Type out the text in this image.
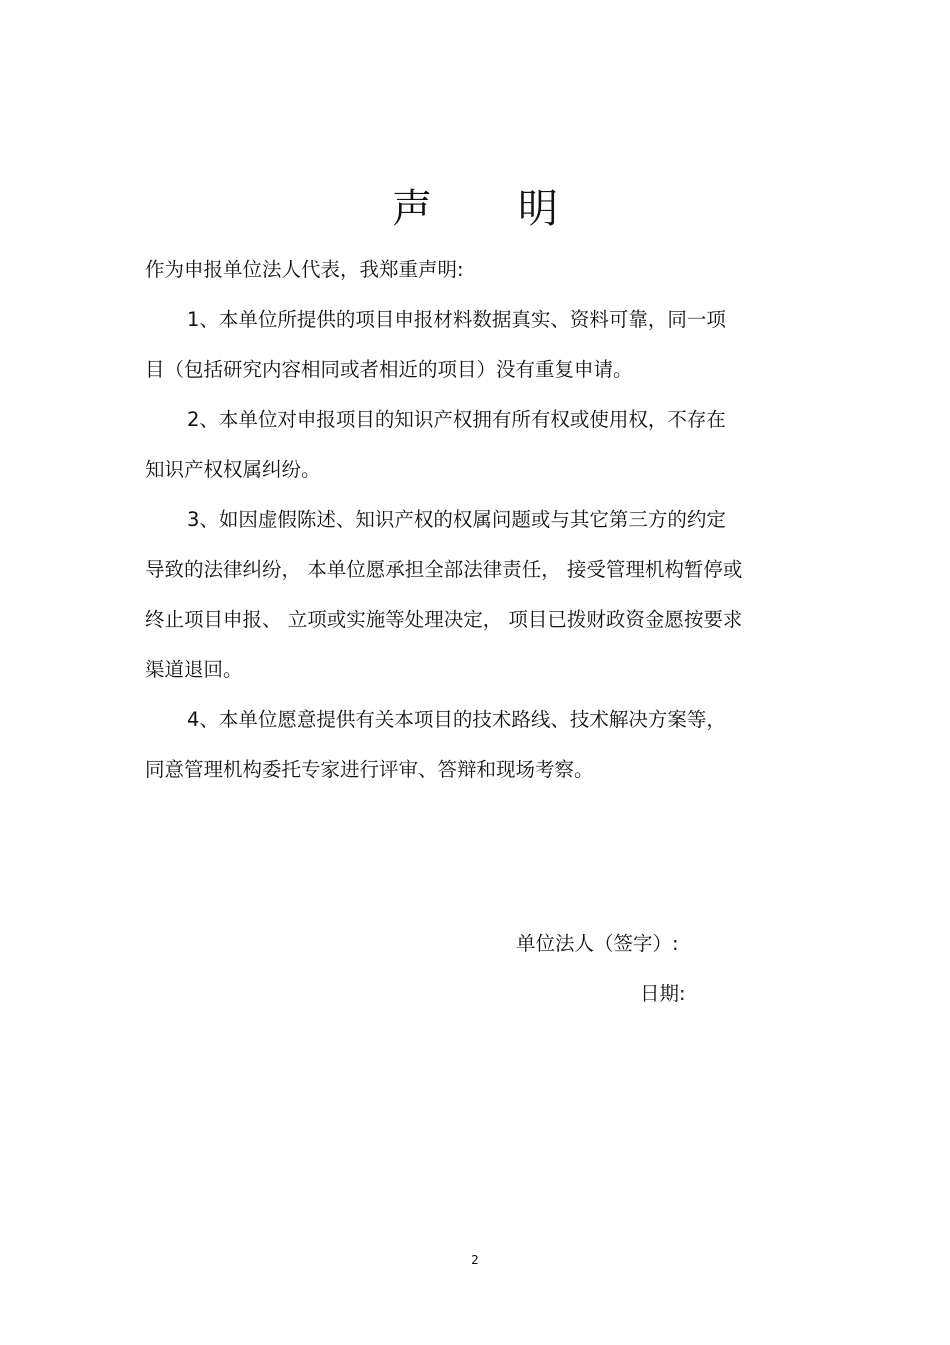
声 明
作为申报单位法人代表，我郑重声明:
1、本单位所提供的项目申报材料数据真实、资料可靠，同一项
目（包括研究内容相同或者相近的项目）没有重复申请。
2、本单位对申报项目的知识产权拥有所有权或使用权，不存在
知识产权权属纠纷。
3、如因虚假陈述、知识产权的权属问题或与其它第三方的约定
导致的法律纠纷， 本单位愿承担全部法律责任， 接受管理机构暂停或
终止项目申报、 立项或实施等处理决定， 项目已拨财政资金愿按要求
渠道退回。
4、本单位愿意提供有关本项目的技术路线、技术解决方案等，
同意管理机构委托专家进行评审、答辩和现场考察。
单位法人（签字）:
日期:
2
